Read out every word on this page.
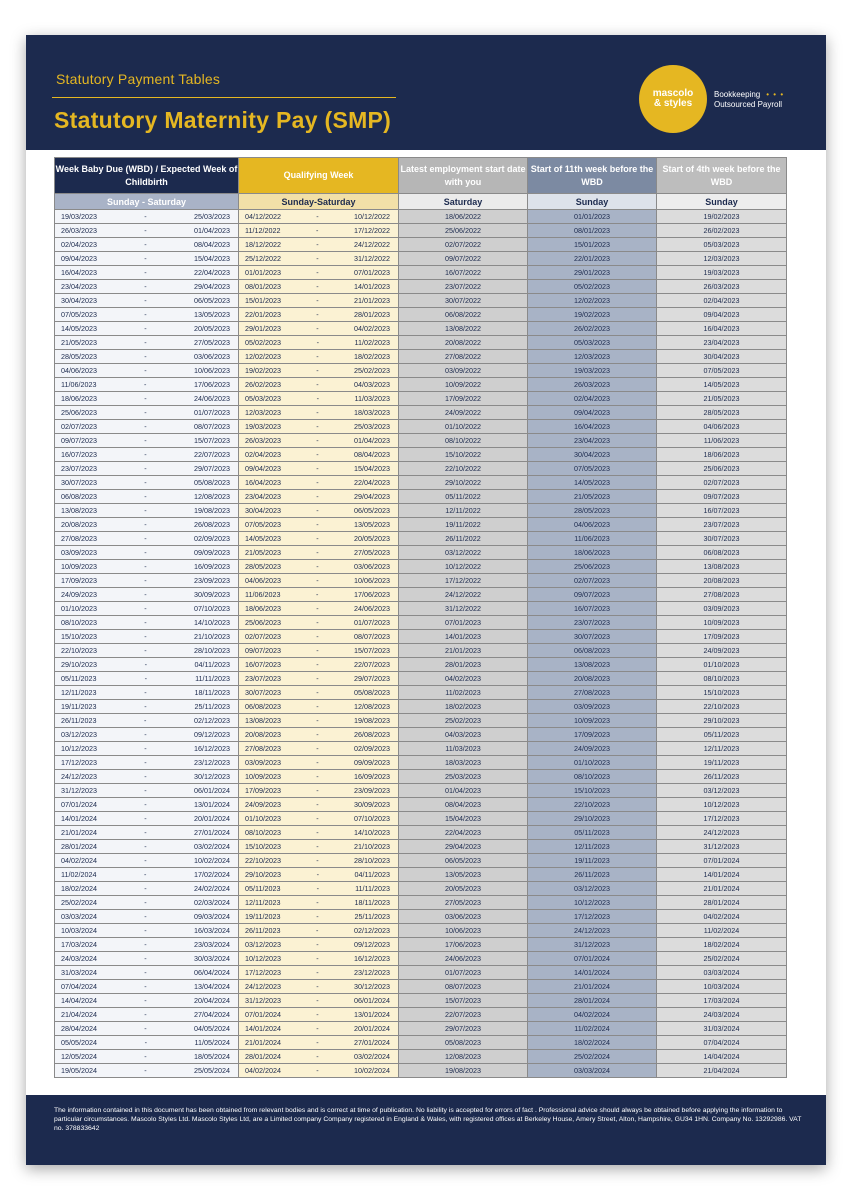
Statutory Payment Tables
Statutory Maternity Pay (SMP)
mascolo
& styles
Bookkeeping • • •
Outsourced Payroll
Week Baby Due (WBD) / Expected Week of Childbirth	Qualifying Week	Latest employment start date with you	Start of 11th week before the WBD	Start of 4th week before the WBD
Sunday - Saturday	Sunday-Saturday	Saturday	Sunday	Sunday

19/03/2023 - 25/03/2023	04/12/2022 - 10/12/2022	18/06/2022	01/01/2023	19/02/2023

26/03/2023 - 01/04/2023	11/12/2022 - 17/12/2022	25/06/2022	08/01/2023	26/02/2023

02/04/2023 - 08/04/2023	18/12/2022 - 24/12/2022	02/07/2022	15/01/2023	05/03/2023

09/04/2023 - 15/04/2023	25/12/2022 - 31/12/2022	09/07/2022	22/01/2023	12/03/2023

16/04/2023 - 22/04/2023	01/01/2023 - 07/01/2023	16/07/2022	29/01/2023	19/03/2023

23/04/2023 - 29/04/2023	08/01/2023 - 14/01/2023	23/07/2022	05/02/2023	26/03/2023

30/04/2023 - 06/05/2023	15/01/2023 - 21/01/2023	30/07/2022	12/02/2023	02/04/2023

07/05/2023 - 13/05/2023	22/01/2023 - 28/01/2023	06/08/2022	19/02/2023	09/04/2023

14/05/2023 - 20/05/2023	29/01/2023 - 04/02/2023	13/08/2022	26/02/2023	16/04/2023

21/05/2023 - 27/05/2023	05/02/2023 - 11/02/2023	20/08/2022	05/03/2023	23/04/2023

28/05/2023 - 03/06/2023	12/02/2023 - 18/02/2023	27/08/2022	12/03/2023	30/04/2023

04/06/2023 - 10/06/2023	19/02/2023 - 25/02/2023	03/09/2022	19/03/2023	07/05/2023

11/06/2023 - 17/06/2023	26/02/2023 - 04/03/2023	10/09/2022	26/03/2023	14/05/2023

18/06/2023 - 24/06/2023	05/03/2023 - 11/03/2023	17/09/2022	02/04/2023	21/05/2023

25/06/2023 - 01/07/2023	12/03/2023 - 18/03/2023	24/09/2022	09/04/2023	28/05/2023

02/07/2023 - 08/07/2023	19/03/2023 - 25/03/2023	01/10/2022	16/04/2023	04/06/2023

09/07/2023 - 15/07/2023	26/03/2023 - 01/04/2023	08/10/2022	23/04/2023	11/06/2023

16/07/2023 - 22/07/2023	02/04/2023 - 08/04/2023	15/10/2022	30/04/2023	18/06/2023

23/07/2023 - 29/07/2023	09/04/2023 - 15/04/2023	22/10/2022	07/05/2023	25/06/2023

30/07/2023 - 05/08/2023	16/04/2023 - 22/04/2023	29/10/2022	14/05/2023	02/07/2023

06/08/2023 - 12/08/2023	23/04/2023 - 29/04/2023	05/11/2022	21/05/2023	09/07/2023

13/08/2023 - 19/08/2023	30/04/2023 - 06/05/2023	12/11/2022	28/05/2023	16/07/2023

20/08/2023 - 26/08/2023	07/05/2023 - 13/05/2023	19/11/2022	04/06/2023	23/07/2023

27/08/2023 - 02/09/2023	14/05/2023 - 20/05/2023	26/11/2022	11/06/2023	30/07/2023

03/09/2023 - 09/09/2023	21/05/2023 - 27/05/2023	03/12/2022	18/06/2023	06/08/2023

10/09/2023 - 16/09/2023	28/05/2023 - 03/06/2023	10/12/2022	25/06/2023	13/08/2023

17/09/2023 - 23/09/2023	04/06/2023 - 10/06/2023	17/12/2022	02/07/2023	20/08/2023

24/09/2023 - 30/09/2023	11/06/2023 - 17/06/2023	24/12/2022	09/07/2023	27/08/2023

01/10/2023 - 07/10/2023	18/06/2023 - 24/06/2023	31/12/2022	16/07/2023	03/09/2023

08/10/2023 - 14/10/2023	25/06/2023 - 01/07/2023	07/01/2023	23/07/2023	10/09/2023

15/10/2023 - 21/10/2023	02/07/2023 - 08/07/2023	14/01/2023	30/07/2023	17/09/2023

22/10/2023 - 28/10/2023	09/07/2023 - 15/07/2023	21/01/2023	06/08/2023	24/09/2023

29/10/2023 - 04/11/2023	16/07/2023 - 22/07/2023	28/01/2023	13/08/2023	01/10/2023

05/11/2023 - 11/11/2023	23/07/2023 - 29/07/2023	04/02/2023	20/08/2023	08/10/2023

12/11/2023 - 18/11/2023	30/07/2023 - 05/08/2023	11/02/2023	27/08/2023	15/10/2023

19/11/2023 - 25/11/2023	06/08/2023 - 12/08/2023	18/02/2023	03/09/2023	22/10/2023

26/11/2023 - 02/12/2023	13/08/2023 - 19/08/2023	25/02/2023	10/09/2023	29/10/2023

03/12/2023 - 09/12/2023	20/08/2023 - 26/08/2023	04/03/2023	17/09/2023	05/11/2023

10/12/2023 - 16/12/2023	27/08/2023 - 02/09/2023	11/03/2023	24/09/2023	12/11/2023

17/12/2023 - 23/12/2023	03/09/2023 - 09/09/2023	18/03/2023	01/10/2023	19/11/2023

24/12/2023 - 30/12/2023	10/09/2023 - 16/09/2023	25/03/2023	08/10/2023	26/11/2023

31/12/2023 - 06/01/2024	17/09/2023 - 23/09/2023	01/04/2023	15/10/2023	03/12/2023

07/01/2024 - 13/01/2024	24/09/2023 - 30/09/2023	08/04/2023	22/10/2023	10/12/2023

14/01/2024 - 20/01/2024	01/10/2023 - 07/10/2023	15/04/2023	29/10/2023	17/12/2023

21/01/2024 - 27/01/2024	08/10/2023 - 14/10/2023	22/04/2023	05/11/2023	24/12/2023

28/01/2024 - 03/02/2024	15/10/2023 - 21/10/2023	29/04/2023	12/11/2023	31/12/2023

04/02/2024 - 10/02/2024	22/10/2023 - 28/10/2023	06/05/2023	19/11/2023	07/01/2024

11/02/2024 - 17/02/2024	29/10/2023 - 04/11/2023	13/05/2023	26/11/2023	14/01/2024

18/02/2024 - 24/02/2024	05/11/2023 - 11/11/2023	20/05/2023	03/12/2023	21/01/2024

25/02/2024 - 02/03/2024	12/11/2023 - 18/11/2023	27/05/2023	10/12/2023	28/01/2024

03/03/2024 - 09/03/2024	19/11/2023 - 25/11/2023	03/06/2023	17/12/2023	04/02/2024

10/03/2024 - 16/03/2024	26/11/2023 - 02/12/2023	10/06/2023	24/12/2023	11/02/2024

17/03/2024 - 23/03/2024	03/12/2023 - 09/12/2023	17/06/2023	31/12/2023	18/02/2024

24/03/2024 - 30/03/2024	10/12/2023 - 16/12/2023	24/06/2023	07/01/2024	25/02/2024

31/03/2024 - 06/04/2024	17/12/2023 - 23/12/2023	01/07/2023	14/01/2024	03/03/2024

07/04/2024 - 13/04/2024	24/12/2023 - 30/12/2023	08/07/2023	21/01/2024	10/03/2024

14/04/2024 - 20/04/2024	31/12/2023 - 06/01/2024	15/07/2023	28/01/2024	17/03/2024

21/04/2024 - 27/04/2024	07/01/2024 - 13/01/2024	22/07/2023	04/02/2024	24/03/2024

28/04/2024 - 04/05/2024	14/01/2024 - 20/01/2024	29/07/2023	11/02/2024	31/03/2024

05/05/2024 - 11/05/2024	21/01/2024 - 27/01/2024	05/08/2023	18/02/2024	07/04/2024

12/05/2024 - 18/05/2024	28/01/2024 - 03/02/2024	12/08/2023	25/02/2024	14/04/2024

19/05/2024 - 25/05/2024	04/02/2024 - 10/02/2024	19/08/2023	03/03/2024	21/04/2024
The information contained in this document has been obtained from relevant bodies and is correct at time of publication. No liability is accepted for errors of fact . Professional advice should always be obtained before applying the information to particular circumstances. Mascolo Styles Ltd. Mascolo Styles Ltd, are a Limited company Company registered in England & Wales, with registered offices at Berkeley House, Amery Street, Alton, Hampshire, GU34 1HN. Company No. 13292986. VAT no. 378833642
